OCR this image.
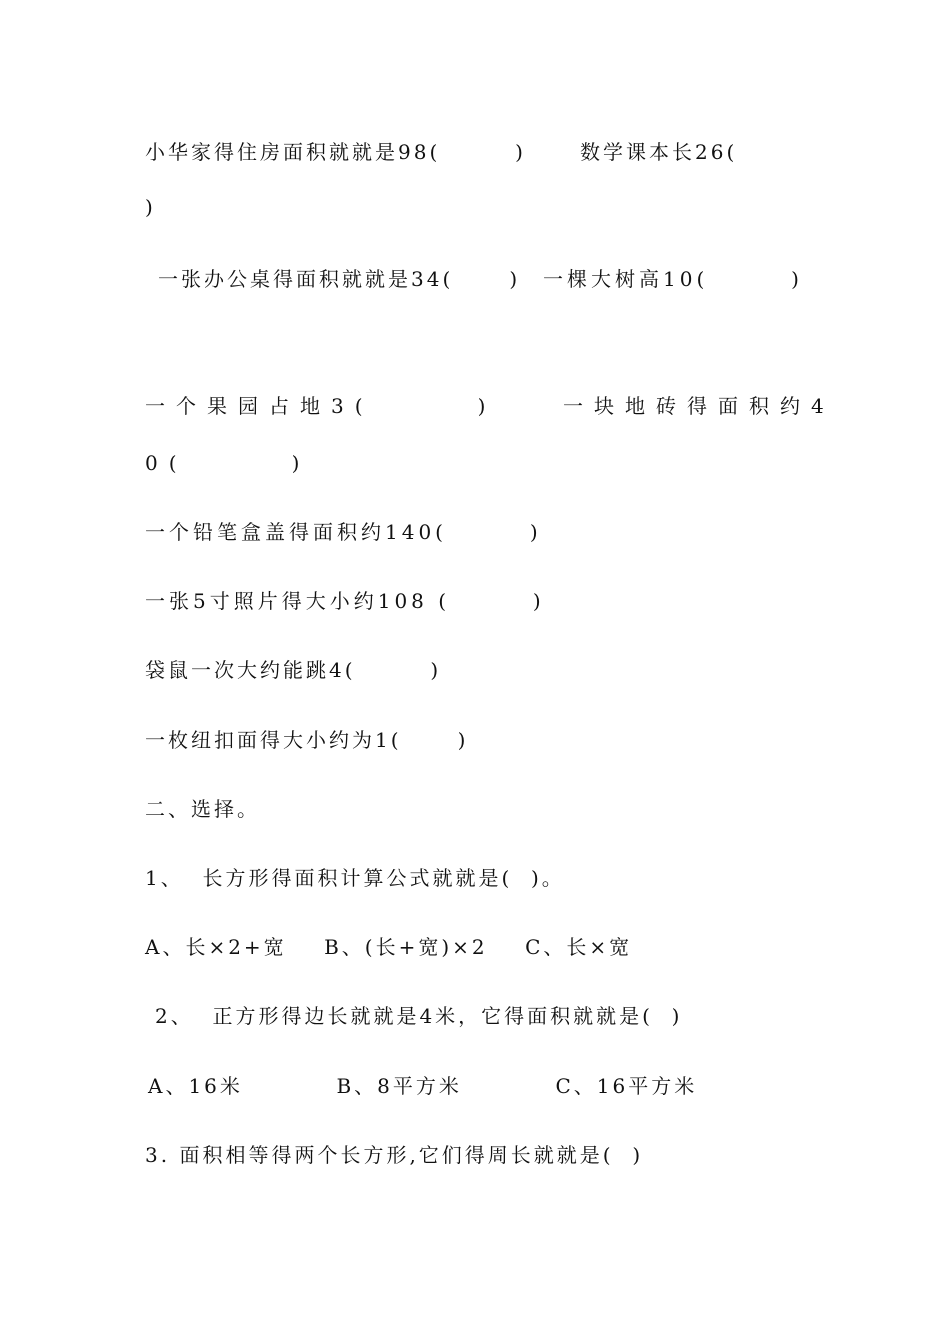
小华家得住房面积就就是98(        )	数学课本长26(
)
一张办公桌得面积就就是34(      ) 一棵大树高10(        )
一个果园占地3(      )	一块地砖得面积约4
0(      )
一个铅笔盒盖得面积约140(        )
一张5寸照片得大小约108 (        )
袋鼠一次大约能跳4(        )
一枚纽扣面得大小约为1(      )
二、选择。
1、  长方形得面积计算公式就就是(  )。
A、长×2+宽    B、(长+宽)×2    C、长×宽
2、  正方形得边长就就是4米，它得面积就就是(  )
A、16米          B、8平方米          C、16平方米
3. 面积相等得两个长方形,它们得周长就就是(  )
